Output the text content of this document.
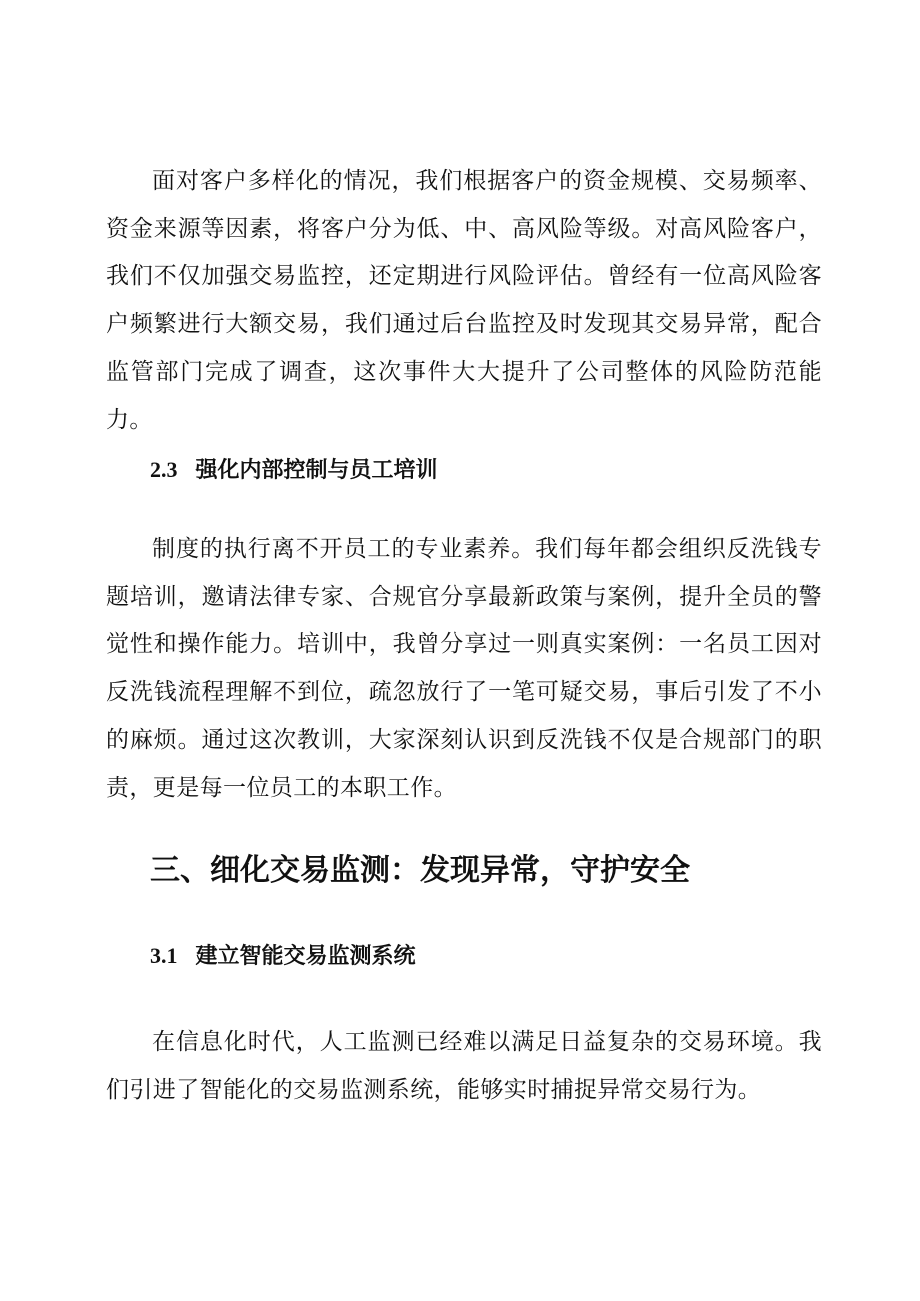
面对客户多样化的情况，我们根据客户的资金规模、交易频率、资金来源等因素，将客户分为低、中、高风险等级。对高风险客户，我们不仅加强交易监控，还定期进行风险评估。曾经有一位高风险客户频繁进行大额交易，我们通过后台监控及时发现其交易异常，配合监管部门完成了调查，这次事件大大提升了公司整体的风险防范能力。

2.3 强化内部控制与员工培训

制度的执行离不开员工的专业素养。我们每年都会组织反洗钱专题培训，邀请法律专家、合规官分享最新政策与案例，提升全员的警觉性和操作能力。培训中，我曾分享过一则真实案例：一名员工因对反洗钱流程理解不到位，疏忽放行了一笔可疑交易，事后引发了不小的麻烦。通过这次教训，大家深刻认识到反洗钱不仅是合规部门的职责，更是每一位员工的本职工作。

三、细化交易监测：发现异常，守护安全
3.1 建立智能交易监测系统

在信息化时代，人工监测已经难以满足日益复杂的交易环境。我们引进了智能化的交易监测系统，能够实时捕捉异常交易行为。
